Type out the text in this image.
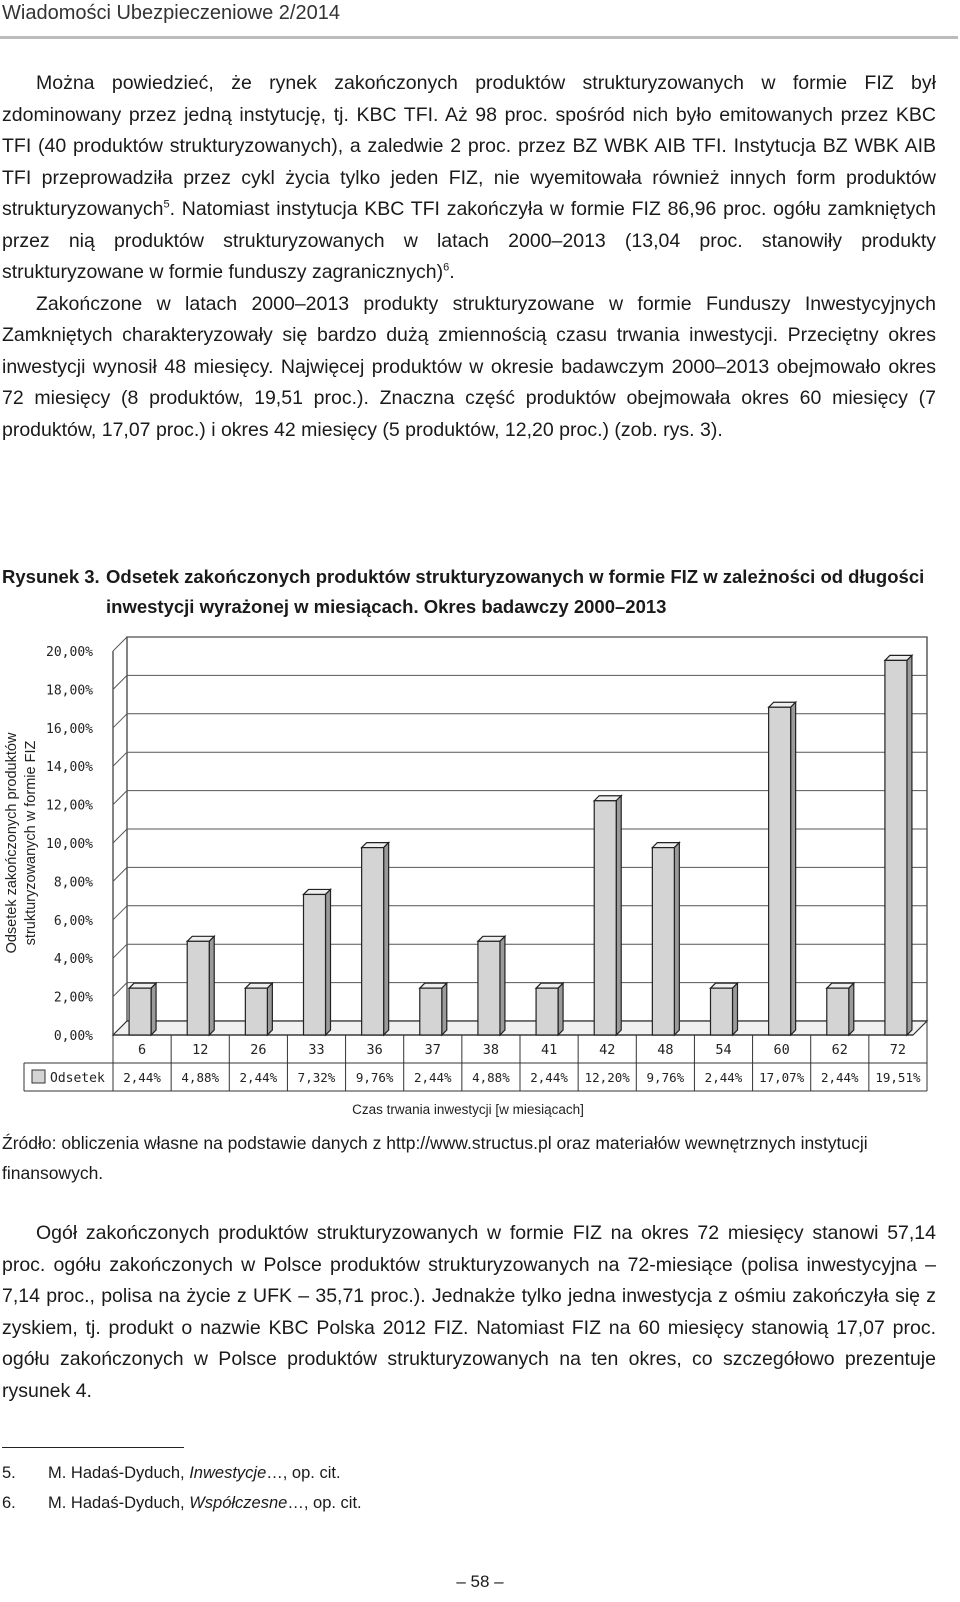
Wiadomości Ubezpieczeniowe 2/2014

Można powiedzieć, że rynek zakończonych produktów strukturyzowanych w formie FIZ był zdominowany przez jedną instytucję, tj. KBC TFI. Aż 98 proc. spośród nich było emitowanych przez KBC TFI (40 produktów strukturyzowanych), a zaledwie 2 proc. przez BZ WBK AIB TFI. Instytucja BZ WBK AIB TFI przeprowadziła przez cykl życia tylko jeden FIZ, nie wyemitowała również innych form produktów strukturyzowanych$^5$. Natomiast instytucja KBC TFI zakończyła w formie FIZ 86,96 proc. ogółu zamkniętych przez nią produktów strukturyzowanych w latach 2000–2013 (13,04 proc. stanowiły produkty strukturyzowane w formie funduszy zagranicznych)$^6$.

Zakończone w latach 2000–2013 produkty strukturyzowane w formie Funduszy Inwestycyjnych Zamkniętych charakteryzowały się bardzo dużą zmiennością czasu trwania inwestycji. Przeciętny okres inwestycji wynosił 48 miesięcy. Najwięcej produktów w okresie badawczym 2000–2013 obejmowało okres 72 miesięcy (8 produktów, 19,51 proc.). Znaczna część produktów obejmowała okres 60 miesięcy (7 produktów, 17,07 proc.) i okres 42 miesięcy (5 produktów, 12,20 proc.) (zob. rys. 3).

Rysunek 3. Odsetek zakończonych produktów strukturyzowanych w formie FIZ w zależności od długości inwestycji wyrażonej w miesiącach. Okres badawczy 2000–2013
0,00%
2,00%
4,00%
6,00%
8,00%
10,00%
12,00%
14,00%
16,00%
18,00%
20,00%
Odsetek zakończonych produktów strukturyzowanych w formie FIZ
6
2,44%
12
4,88%
26
2,44%
33
7,32%
36
9,76%
37
2,44%
38
4,88%
41
2,44%
42
12,20%
48
9,76%
54
2,44%
60
17,07%
62
2,44%
72
19,51%
Odsetek
Czas trwania inwestycji [w miesiącach]
Źródło: obliczenia własne na podstawie danych z http://www.structus.pl oraz materiałów wewnętrznych instytucji finansowych.

Ogół zakończonych produktów strukturyzowanych w formie FIZ na okres 72 miesięcy stanowi 57,14 proc. ogółu zakończonych w Polsce produktów strukturyzowanych na 72-miesiące (polisa inwestycyjna – 7,14 proc., polisa na życie z UFK – 35,71 proc.). Jednakże tylko jedna inwestycja z ośmiu zakończyła się z zyskiem, tj. produkt o nazwie KBC Polska 2012 FIZ. Natomiast FIZ na 60 miesięcy stanowią 17,07 proc. ogółu zakończonych w Polsce produktów strukturyzowanych na ten okres, co szczegółowo prezentuje rysunek 4.

5. M. Hadaś-Dyduch, Inwestycje…, op. cit.
6. M. Hadaś-Dyduch, Współczesne…, op. cit.
– 58 –
